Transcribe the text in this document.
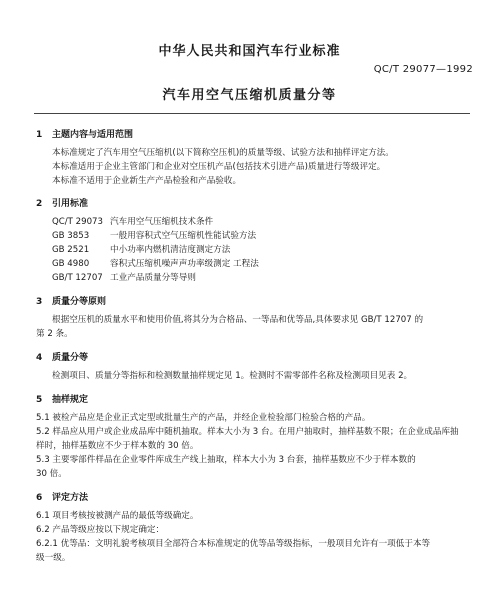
中华人民共和国汽车行业标准
QC/T 29077—1992
汽车用空气压缩机质量分等
1 主题内容与适用范围
本标准规定了汽车用空气压缩机(以下简称空压机)的质量等级、试验方法和抽样评定方法。
本标准适用于企业主管部门和企业对空压机产品(包括技术引进产品)质量进行等级评定。
本标准不适用于企业新生产产品检验和产品验收。
2 引用标准
QC/T 29073 汽车用空气压缩机技术条件
GB 3853 一般用容积式空气压缩机性能试验方法
GB 2521 中小功率内燃机清洁度测定方法
GB 4980 容积式压缩机噪声声功率级测定 工程法
GB/T 12707 工业产品质量分等导则
3 质量分等原则
根据空压机的质量水平和使用价值,将其分为合格品、一等品和优等品,具体要求见 GB/T 12707 的
第 2 条。
4 质量分等
检测项目、质量分等指标和检测数量抽样规定见 1。检测时不需零部件名称及检测项目见表 2。
5 抽样规定
5.1 被检产品应是企业正式定型或批量生产的产品，并经企业检验部门检验合格的产品。
5.2 样品应从用户或企业成品库中随机抽取。样本大小为 3 台。在用户抽取时，抽样基数不限；在企业成品库抽
样时，抽样基数应不少于样本数的 30 倍。
5.3 主要零部件样品在企业零件库成生产线上抽取，样本大小为 3 台套，抽样基数应不少于样本数的
30 倍。
6 评定方法
6.1 项目考核按被测产品的最低等级确定。
6.2 产品等级应按以下规定确定：
6.2.1 优等品：文明礼貌考核项目全部符合本标准规定的优等品等级指标，一般项目允许有一项低于本等
级一级。
